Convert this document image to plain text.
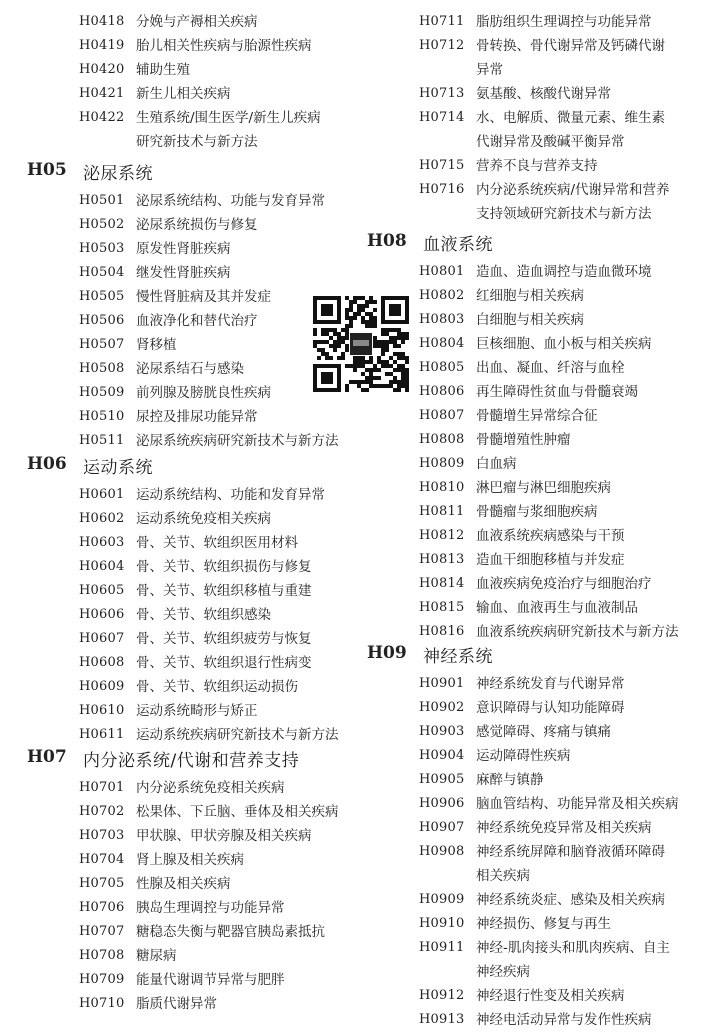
H0418 分娩与产褥相关疾病
H0419 胎儿相关性疾病与胎源性疾病
H0420 辅助生殖
H0421 新生儿相关疾病
H0422 生殖系统/围生医学/新生儿疾病
研究新技术与新方法
H05 泌尿系统
H0501 泌尿系统结构、功能与发育异常
H0502 泌尿系统损伤与修复
H0503 原发性肾脏疾病
H0504 继发性肾脏疾病
H0505 慢性肾脏病及其并发症
H0506 血液净化和替代治疗
H0507 肾移植
H0508 泌尿系结石与感染
H0509 前列腺及膀胱良性疾病
H0510 尿控及排尿功能异常
H0511 泌尿系统疾病研究新技术与新方法
H06 运动系统
H0601 运动系统结构、功能和发育异常
H0602 运动系统免疫相关疾病
H0603 骨、关节、软组织医用材料
H0604 骨、关节、软组织损伤与修复
H0605 骨、关节、软组织移植与重建
H0606 骨、关节、软组织感染
H0607 骨、关节、软组织疲劳与恢复
H0608 骨、关节、软组织退行性病变
H0609 骨、关节、软组织运动损伤
H0610 运动系统畸形与矫正
H0611 运动系统疾病研究新技术与新方法
H07 内分泌系统/代谢和营养支持
H0701 内分泌系统免疫相关疾病
H0702 松果体、下丘脑、垂体及相关疾病
H0703 甲状腺、甲状旁腺及相关疾病
H0704 肾上腺及相关疾病
H0705 性腺及相关疾病
H0706 胰岛生理调控与功能异常
H0707 糖稳态失衡与靶器官胰岛素抵抗
H0708 糖尿病
H0709 能量代谢调节异常与肥胖
H0710 脂质代谢异常
H0711 脂肪组织生理调控与功能异常
H0712 骨转换、骨代谢异常及钙磷代谢
异常
H0713 氨基酸、核酸代谢异常
H0714 水、电解质、微量元素、维生素
代谢异常及酸碱平衡异常
H0715 营养不良与营养支持
H0716 内分泌系统疾病/代谢异常和营养
支持领域研究新技术与新方法
H08 血液系统
H0801 造血、造血调控与造血微环境
H0802 红细胞与相关疾病
H0803 白细胞与相关疾病
H0804 巨核细胞、血小板与相关疾病
H0805 出血、凝血、纤溶与血栓
H0806 再生障碍性贫血与骨髓衰竭
H0807 骨髓增生异常综合征
H0808 骨髓增殖性肿瘤
H0809 白血病
H0810 淋巴瘤与淋巴细胞疾病
H0811 骨髓瘤与浆细胞疾病
H0812 血液系统疾病感染与干预
H0813 造血干细胞移植与并发症
H0814 血液疾病免疫治疗与细胞治疗
H0815 输血、血液再生与血液制品
H0816 血液系统疾病研究新技术与新方法
H09 神经系统
H0901 神经系统发育与代谢异常
H0902 意识障碍与认知功能障碍
H0903 感觉障碍、疼痛与镇痛
H0904 运动障碍性疾病
H0905 麻醉与镇静
H0906 脑血管结构、功能异常及相关疾病
H0907 神经系统免疫异常及相关疾病
H0908 神经系统屏障和脑脊液循环障碍
相关疾病
H0909 神经系统炎症、感染及相关疾病
H0910 神经损伤、修复与再生
H0911 神经-肌肉接头和肌肉疾病、自主
神经疾病
H0912 神经退行性变及相关疾病
H0913 神经电活动异常与发作性疾病
